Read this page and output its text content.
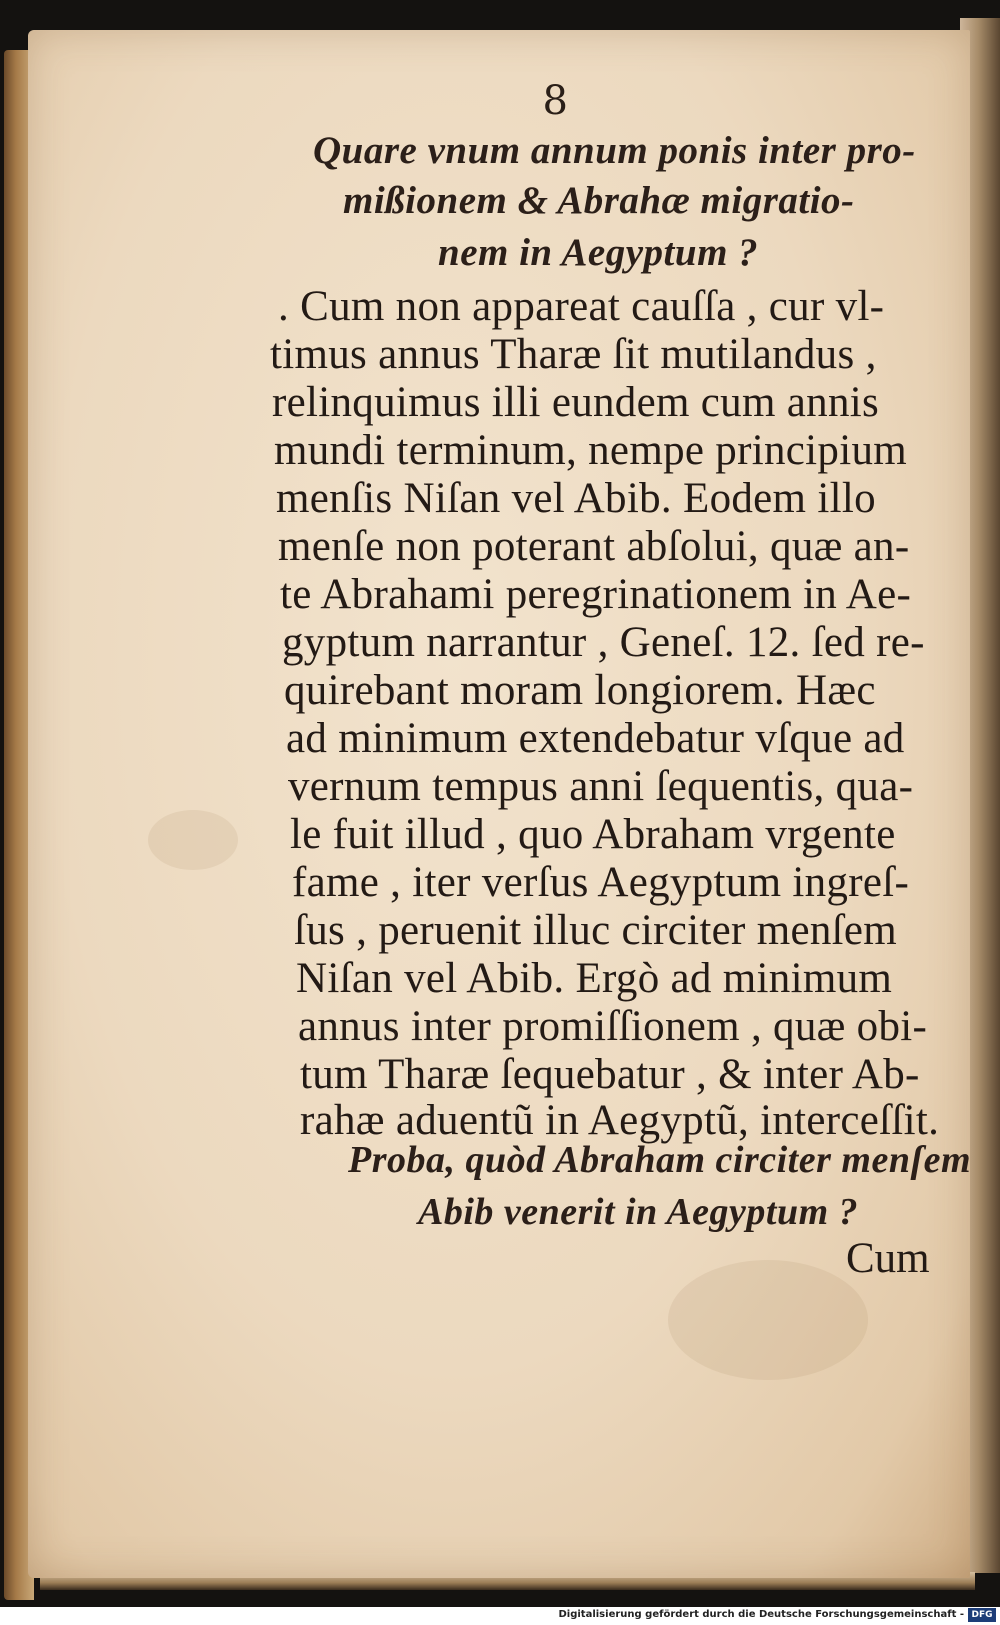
8
Quare vnum annum ponis inter pro-
mißionem & Abrahæ migratio-
nem in Aegyptum ?
. Cum non appareat cauſſa , cur vl-
timus annus Tharæ ſit mutilandus ,
relinquimus illi eundem cum annis
mundi terminum, nempe principium
menſis Niſan vel Abib. Eodem illo
menſe non poterant abſolui, quæ an-
te Abrahami peregrinationem in Ae-
gyptum narrantur , Geneſ. 12. ſed re-
quirebant moram longiorem. Hæc
ad minimum extendebatur vſque ad
vernum tempus anni ſequentis, qua-
le fuit illud , quo Abraham vrgente
fame , iter verſus Aegyptum ingreſ-
ſus , peruenit illuc circiter menſem
Niſan vel Abib. Ergò ad minimum
annus inter promiſſionem , quæ obi-
tum Tharæ ſequebatur , & inter Ab-
rahæ aduentũ in Aegyptũ, interceſſit.
Proba, quòd Abraham circiter menſem
Abib venerit in Aegyptum ?
Cum
Digitalisierung gefördert durch die Deutsche Forschungsgemeinschaft - DFG
